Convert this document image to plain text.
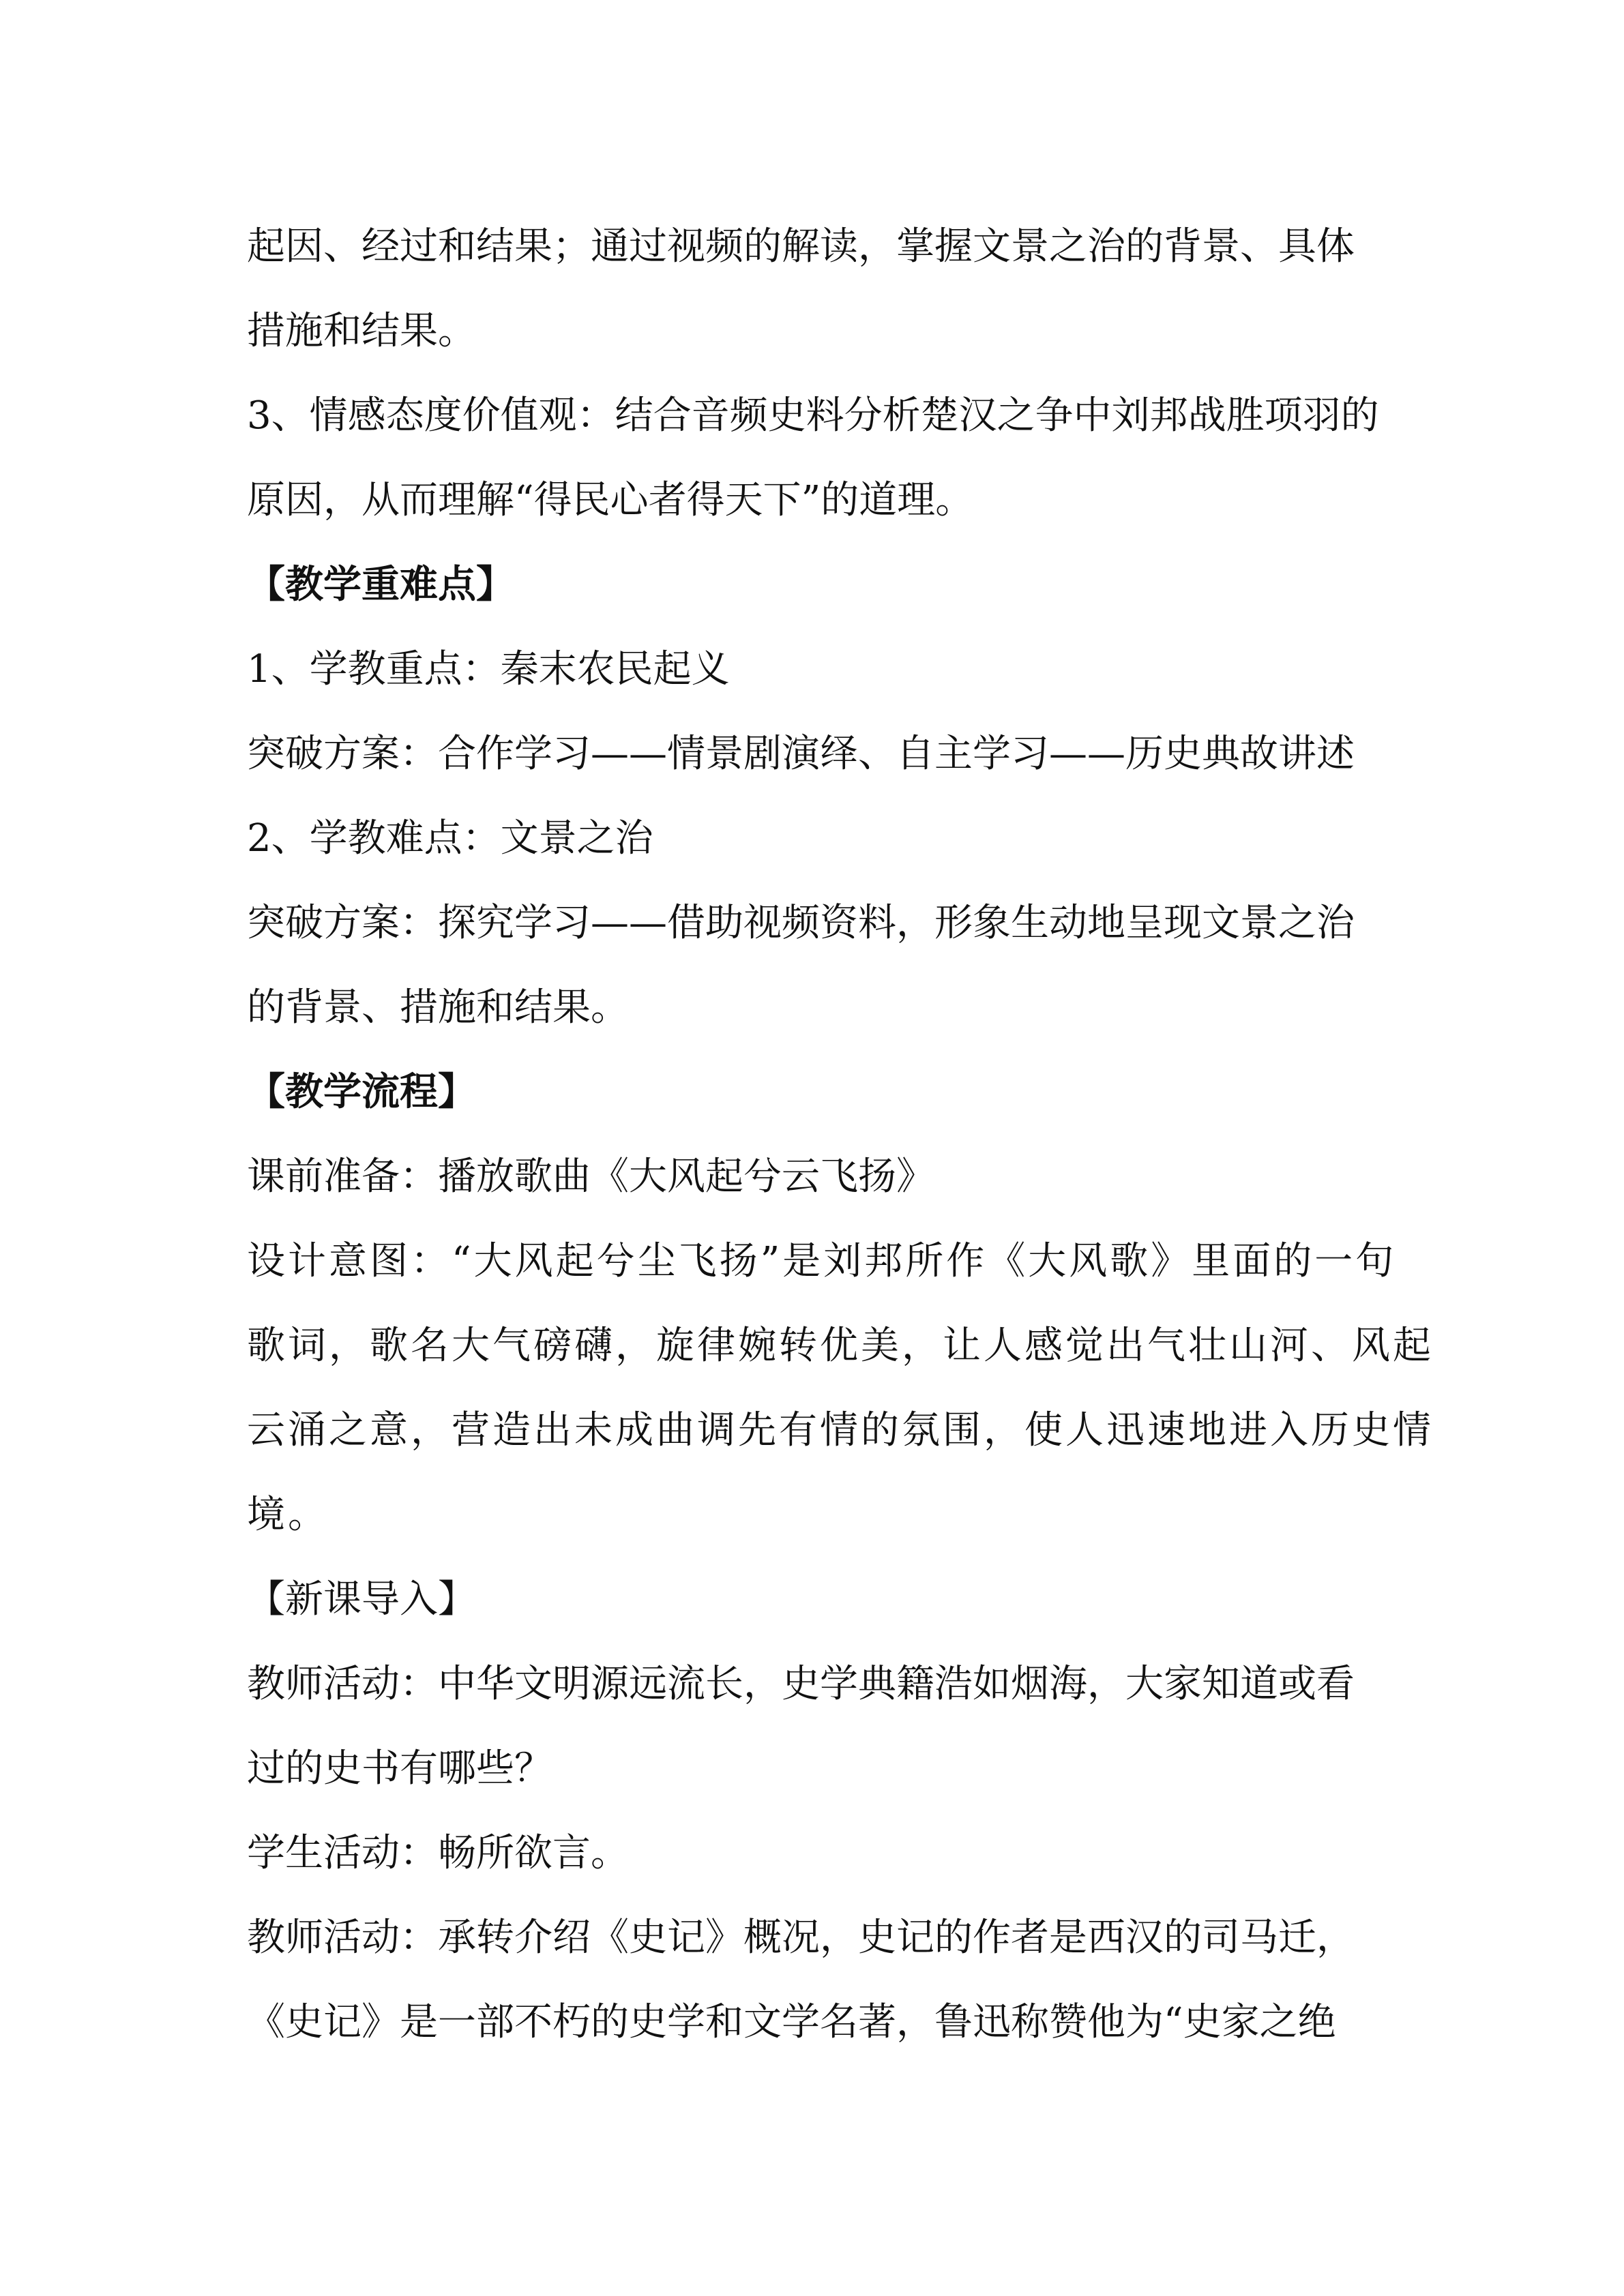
起因、经过和结果；通过视频的解读，掌握文景之治的背景、具体
措施和结果。
3、情感态度价值观：结合音频史料分析楚汉之争中刘邦战胜项羽的
原因，从而理解“得民心者得天下”的道理。
【教学重难点】
1、学教重点：秦末农民起义
突破方案：合作学习——情景剧演绎、自主学习——历史典故讲述
2、学教难点：文景之治
突破方案：探究学习——借助视频资料，形象生动地呈现文景之治
的背景、措施和结果。
【教学流程】
课前准备：播放歌曲《大风起兮云飞扬》
设计意图：“大风起兮尘飞扬”是刘邦所作《大风歌》里面的一句
歌词，歌名大气磅礴，旋律婉转优美，让人感觉出气壮山河、风起
云涌之意，营造出未成曲调先有情的氛围，使人迅速地进入历史情
境。
【新课导入】
教师活动：中华文明源远流长，史学典籍浩如烟海，大家知道或看
过的史书有哪些？
学生活动：畅所欲言。
教师活动：承转介绍《史记》概况，史记的作者是西汉的司马迁，
《史记》是一部不朽的史学和文学名著，鲁迅称赞他为“史家之绝
